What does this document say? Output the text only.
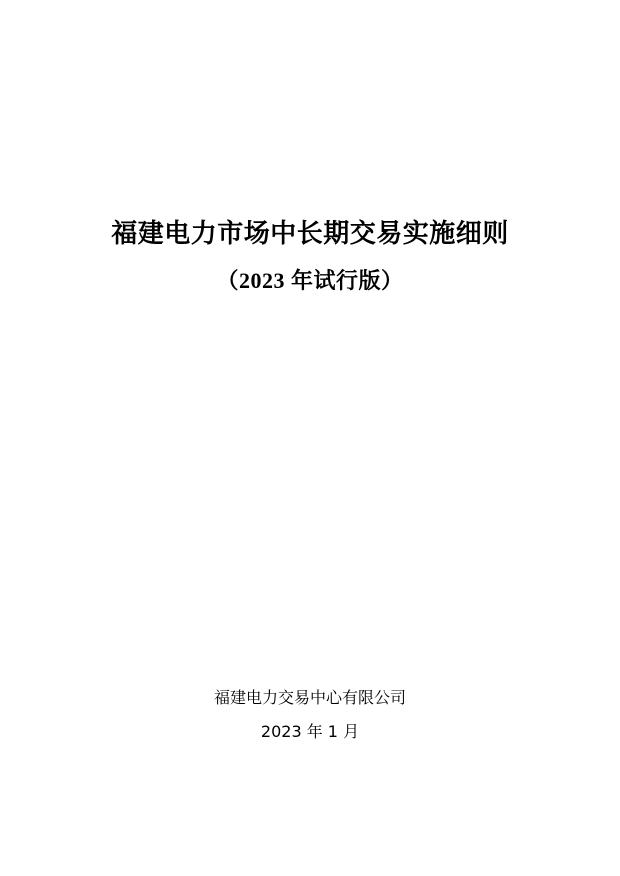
福建电力市场中长期交易实施细则
（2023 年试行版）

福建电力交易中心有限公司

2023 年 1 月
